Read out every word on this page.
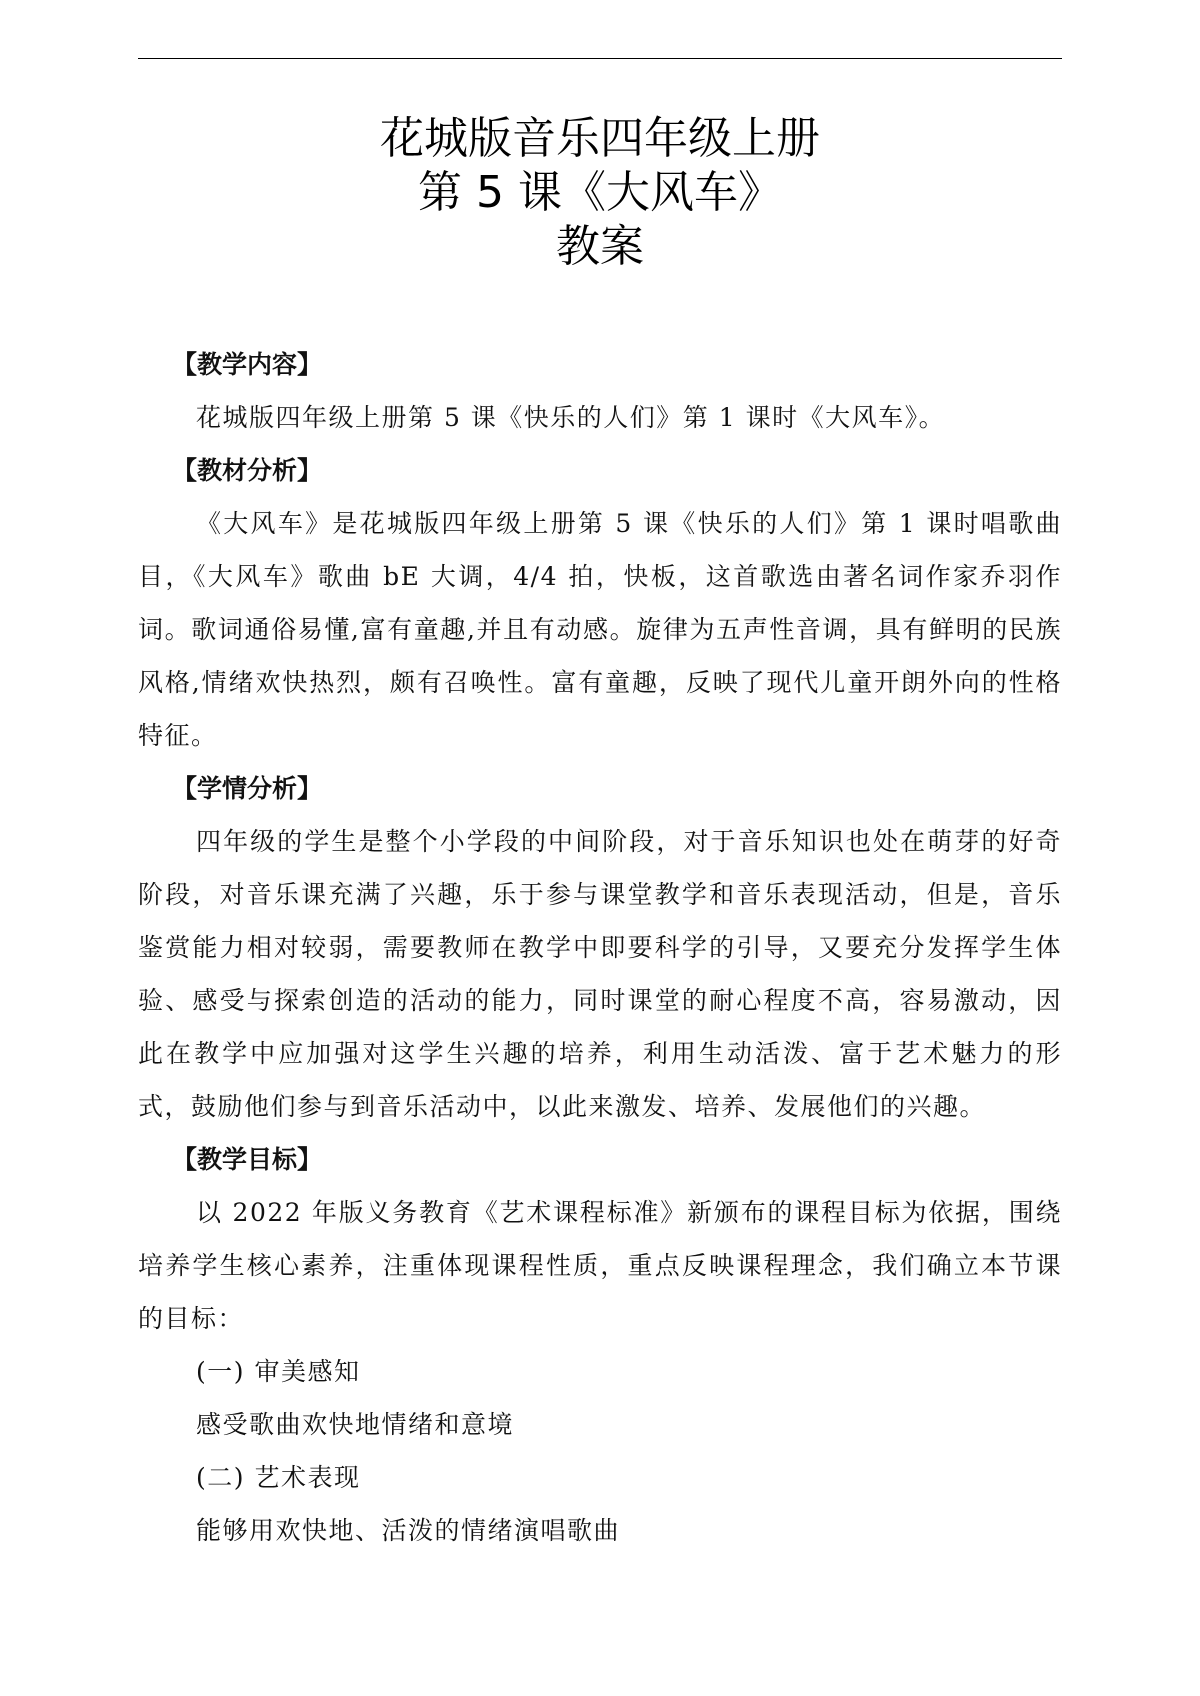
花城版音乐四年级上册
第 5 课《大风车》
教案
【教学内容】

花城版四年级上册第 5 课《快乐的人们》第 1 课时《大风车》。

【教材分析】

《大风车》是花城版四年级上册第 5 课《快乐的人们》第 1 课时唱歌曲目，《大风车》歌曲 bE 大调，4/4 拍，快板，这首歌选由著名词作家乔羽作词。歌词通俗易懂,富有童趣,并且有动感。旋律为五声性音调，具有鲜明的民族风格,情绪欢快热烈，颇有召唤性。富有童趣，反映了现代儿童开朗外向的性格特征。

【学情分析】

四年级的学生是整个小学段的中间阶段，对于音乐知识也处在萌芽的好奇阶段，对音乐课充满了兴趣，乐于参与课堂教学和音乐表现活动，但是，音乐鉴赏能力相对较弱，需要教师在教学中即要科学的引导，又要充分发挥学生体验、感受与探索创造的活动的能力，同时课堂的耐心程度不高，容易激动，因此在教学中应加强对这学生兴趣的培养，利用生动活泼、富于艺术魅力的形式，鼓励他们参与到音乐活动中，以此来激发、培养、发展他们的兴趣。

【教学目标】

以 2022 年版义务教育《艺术课程标准》新颁布的课程目标为依据，围绕培养学生核心素养，注重体现课程性质，重点反映课程理念，我们确立本节课的目标：

(一) 审美感知
感受歌曲欢快地情绪和意境
(二) 艺术表现
能够用欢快地、活泼的情绪演唱歌曲
